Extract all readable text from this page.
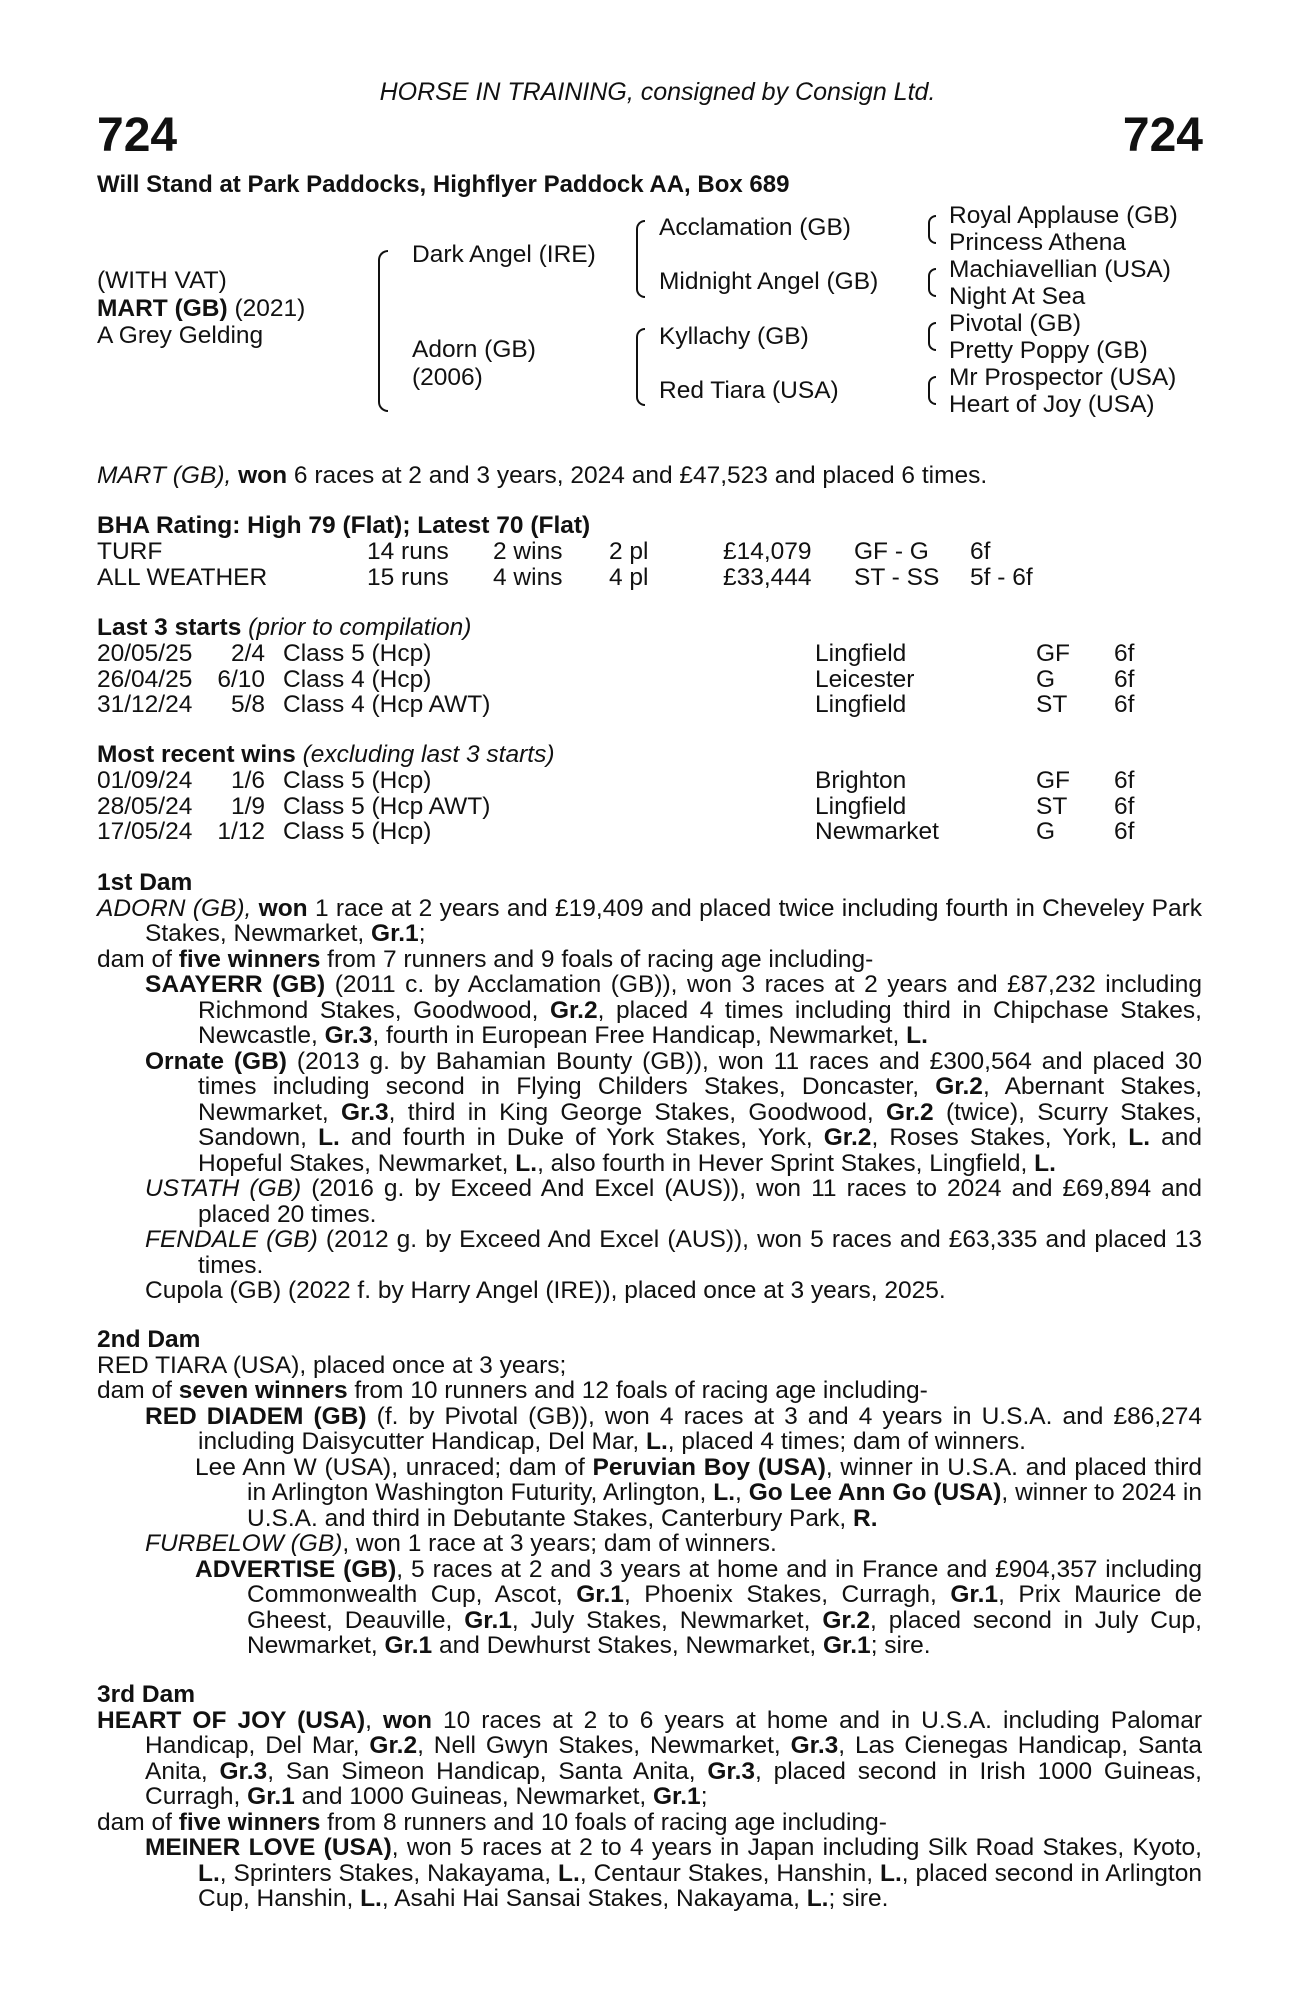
HORSE IN TRAINING, consigned by Consign Ltd.
724	724
Will Stand at Park Paddocks, Highflyer Paddock AA, Box 689
(WITH VAT)
MART (GB) (2021)
A Grey Gelding
Dark Angel (IRE)
Adorn (GB)
(2006)
Acclamation (GB)
Midnight Angel (GB)
Kyllachy (GB)
Red Tiara (USA)
Royal Applause (GB)
Princess Athena
Machiavellian (USA)
Night At Sea
Pivotal (GB)
Pretty Poppy (GB)
Mr Prospector (USA)
Heart of Joy (USA)
MART (GB), won 6 races at 2 and 3 years, 2024 and £47,523 and placed 6 times.
BHA Rating: High 79 (Flat); Latest 70 (Flat)
TURF	14 runs	2 wins	2 pl	£14,079	GF - G	6f
ALL WEATHER	15 runs	4 wins	4 pl	£33,444	ST - SS	5f - 6f
Last 3 starts (prior to compilation)
20/05/25	2/4	Class 5 (Hcp)	Lingfield	GF	6f
26/04/25	6/10	Class 4 (Hcp)	Leicester	G	6f
31/12/24	5/8	Class 4 (Hcp AWT)	Lingfield	ST	6f
Most recent wins (excluding last 3 starts)
01/09/24	1/6	Class 5 (Hcp)	Brighton	GF	6f
28/05/24	1/9	Class 5 (Hcp AWT)	Lingfield	ST	6f
17/05/24	1/12	Class 5 (Hcp)	Newmarket	G	6f

1st Dam

ADORN (GB), won 1 race at 2 years and £19,409 and placed twice including fourth in Cheveley Park Stakes, Newmarket, Gr.1;

dam of five winners from 7 runners and 9 foals of racing age including-

SAAYERR (GB) (2011 c. by Acclamation (GB)), won 3 races at 2 years and £87,232 including Richmond Stakes, Goodwood, Gr.2, placed 4 times including third in Chipchase Stakes, Newcastle, Gr.3, fourth in European Free Handicap, Newmarket, L.

Ornate (GB) (2013 g. by Bahamian Bounty (GB)), won 11 races and £300,564 and placed 30 times including second in Flying Childers Stakes, Doncaster, Gr.2, Abernant Stakes, Newmarket, Gr.3, third in King George Stakes, Goodwood, Gr.2 (twice), Scurry Stakes, Sandown, L. and fourth in Duke of York Stakes, York, Gr.2, Roses Stakes, York, L. and Hopeful Stakes, Newmarket, L., also fourth in Hever Sprint Stakes, Lingfield, L.

USTATH (GB) (2016 g. by Exceed And Excel (AUS)), won 11 races to 2024 and £69,894 and placed 20 times.

FENDALE (GB) (2012 g. by Exceed And Excel (AUS)), won 5 races and £63,335 and placed 13 times.

Cupola (GB) (2022 f. by Harry Angel (IRE)), placed once at 3 years, 2025.

2nd Dam

RED TIARA (USA), placed once at 3 years;

dam of seven winners from 10 runners and 12 foals of racing age including-

RED DIADEM (GB) (f. by Pivotal (GB)), won 4 races at 3 and 4 years in U.S.A. and £86,274 including Daisycutter Handicap, Del Mar, L., placed 4 times; dam of winners.

Lee Ann W (USA), unraced; dam of Peruvian Boy (USA), winner in U.S.A. and placed third in Arlington Washington Futurity, Arlington, L., Go Lee Ann Go (USA), winner to 2024 in U.S.A. and third in Debutante Stakes, Canterbury Park, R.

FURBELOW (GB), won 1 race at 3 years; dam of winners.

ADVERTISE (GB), 5 races at 2 and 3 years at home and in France and £904,357 including Commonwealth Cup, Ascot, Gr.1, Phoenix Stakes, Curragh, Gr.1, Prix Maurice de Gheest, Deauville, Gr.1, July Stakes, Newmarket, Gr.2, placed second in July Cup, Newmarket, Gr.1 and Dewhurst Stakes, Newmarket, Gr.1; sire.

3rd Dam

HEART OF JOY (USA), won 10 races at 2 to 6 years at home and in U.S.A. including Palomar Handicap, Del Mar, Gr.2, Nell Gwyn Stakes, Newmarket, Gr.3, Las Cienegas Handicap, Santa Anita, Gr.3, San Simeon Handicap, Santa Anita, Gr.3, placed second in Irish 1000 Guineas, Curragh, Gr.1 and 1000 Guineas, Newmarket, Gr.1;

dam of five winners from 8 runners and 10 foals of racing age including-

MEINER LOVE (USA), won 5 races at 2 to 4 years in Japan including Silk Road Stakes, Kyoto, L., Sprinters Stakes, Nakayama, L., Centaur Stakes, Hanshin, L., placed second in Arlington Cup, Hanshin, L., Asahi Hai Sansai Stakes, Nakayama, L.; sire.
